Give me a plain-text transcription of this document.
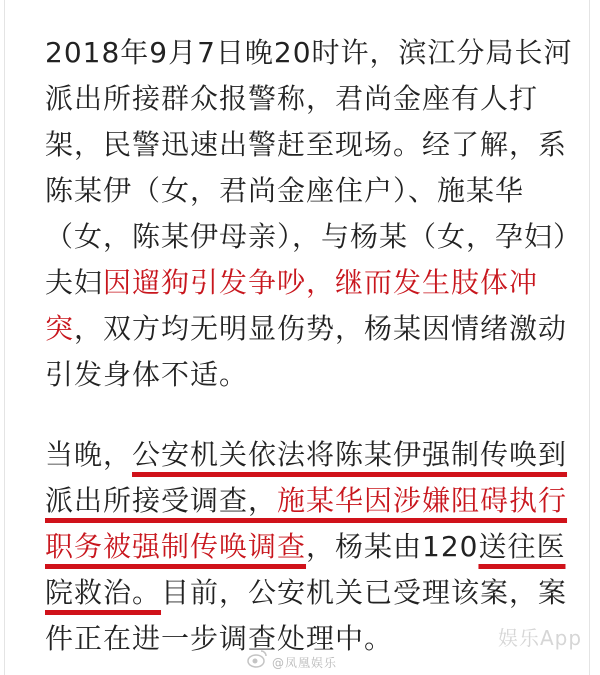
2018年9月7日晚20时许，滨江分局长河派出所接群众报警称，君尚金座有人打架，民警迅速出警赶至现场。经了解，系陈某伊（女，君尚金座住户）、施某华（女，陈某伊母亲），与杨某（女，孕妇）夫妇因遛狗引发争吵，继而发生肢体冲突，双方均无明显伤势，杨某因情绪激动引发身体不适。

当晚，公安机关依法将陈某伊强制传唤到派出所接受调查，施某华因涉嫌阻碍执行职务被强制传唤调查，杨某由120送往医院救治。目前，公安机关已受理该案，案件正在进一步调查处理中。

@凤凰娱乐
娱乐App
